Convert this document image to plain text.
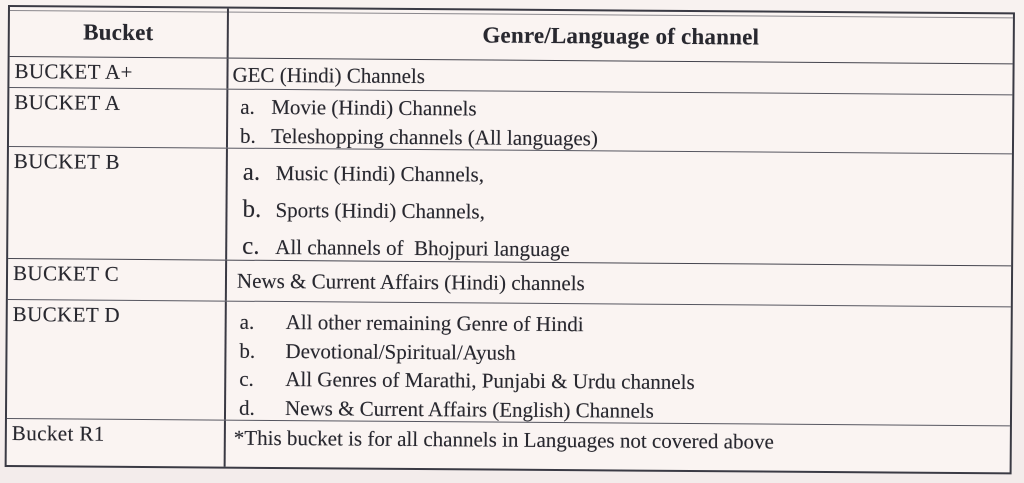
Bucket	Genre/Language of channel
BUCKET A+	GEC (Hindi) Channels
BUCKET A	a. Movie (Hindi) Channels
b. Teleshopping channels (All languages)
BUCKET B	a. Music (Hindi) Channels,
b. Sports (Hindi) Channels,
c. All channels of  Bhojpuri language
BUCKET C	News & Current Affairs (Hindi) channels
BUCKET D	a. All other remaining Genre of Hindi
b. Devotional/Spiritual/Ayush
c. All Genres of Marathi, Punjabi & Urdu channels
d. News & Current Affairs (English) Channels
Bucket R1	*This bucket is for all channels in Languages not covered above
